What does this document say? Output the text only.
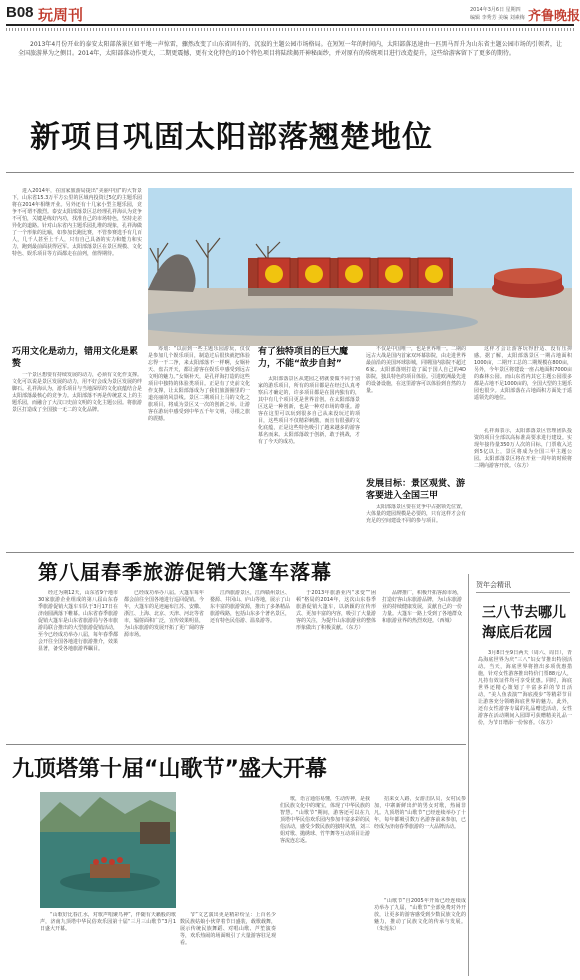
B08 玩周刊	2014年3月6日 星期四
编辑 李秀芳 美编 刘素梅 齐鲁晚报
2013年4月份开业的泰安太阳部落景区如平地一声惊雷，骤然改变了山东省固有的、沉寂的主题公园市场格局。在短短一年的时间内，太阳部落迅速由一匹黑马晋升为山东省主题公园市场的引领者，让全国旅游界为之侧目。2014年，太阳部落动作更大，二期更震撼，更有文化特色的10个特色项目将陆续揭开神秘面纱，并对原有的传统项目进行改造提升，这些给游客留下了更多的期待。
新项目巩固太阳部落翘楚地位
进入2014年，在国家旅游局提出“美丽中国”的大背景下，山东省15.3万平方公里的区域内投资过5亿的主题乐园将在2014年相继开业。另外还有十几家小型主题乐园，竞争不可谓不激烈。泰安太阳部落景区总经理孔祥海认为竞争不可怕，关键是练好内功，找准自己的市场特色，坚持走差异化的道路。针对山东省内主题乐园扎堆的现象，孔祥海做了一个形象的比喻，如参加长跑比赛，不管参赛选手有几百人，几千人甚至上千人，只有自己具备的实力和能力和实力，跑到最前面获得冠军。太阳部落景区在景区规模、文化特色、娱乐项目等方面都走在前列，值得期待。
巧用文化是动力，错用文化是累赘
一个景区想要有持续发展的动力，必须有文化作支撑。文化可以说是景区发展的动力，用不好会成为景区发展的绊脚石。孔祥海认为，游乐项目与当地深厚的文化底蕴结合是太阳部落最核心的竞争力。太阳部落不再是传统意义上的主题乐园，而融合了大汶口史前文明的文化主题公园。将旅游景区打造成了全国独一无二的文化品牌。
筹划：“以前到一些主题乐园游玩，仅仅是参加几个娱乐项目，制造过后很快就把体验忘得一干二净，来太阳部落不一样啊，女娲补天、盘古开天，都让游客在娱乐中感受到远古文明的魅力。”女娲补天，是孔祥海打造的这些项目中独特的体验类项目。正是有了史前文化作支撑，让太阳部落成为了我们旅游圈里的一道亮丽的风景线。景区二期项目上马的文化之旅项目，将成为景区又一次的创新之举。让游客在游玩中感受到中华五千年文明，寻根之旅的震撼。
有了独特项目的巨大魔力，不能“故步自封”
太阳部落景区从建园之初就要做不同于别家的游乐项目，所有的项目都是在经过认真考察后才确定的，许多项目都是在国内独有的，其中有几个项目更是世界首创。在太阳部落景区这是一种创新，也是一种对市场的尊重。游客在这里可以玩到很多自己从来没玩过的项目，这些项目不仅精彩刺激，而且有很强的文化底蕴，正是这些特色吸引了越来越多的游客慕名而来。太阳部落敢于创新，敢于挑战，才有了今天的成功。
不仅是中国唯一，也是世界唯一。二期的远古大战是国内首家双环幕影院，由走进世界最前沿的美国环球影城，同期国内影院不超过6家。太阳部落则打造了属于国人自己的4D影院，独具特色的项目体验。引进欧洲最先进的设备设施，在这里游客可以体验到自然的力量。
发展目标：景区观赏、游客要进入全国三甲
太阳部落景区要在竞争中占据领先位置，大体量的建园规模是必要的，只有这样才会有充足的空间建设不同的参与项目。
这样才会让游客玩得舒适、没有压抑感。据了解，太阳部落景区一期占地面积1000亩，二期开工总的二期规模在800亩，另外，今年景区将建设一座占地面积7000亩的森林公园。而山东省内其它主题公园很多都是占地不足1000亩的，全国大型的主题乐园也很少。太阳部落在占地面积方面处于遥遥领先的地位。
孔祥海表示，太阳部落景区管理团队投资的项目全部以高标准高要求进行建设。实现年接待量350万人次的目标，门票收入达到5亿以上，景区将成为全国三甲主题公园。太阳部落景区将在开业一周年的时候将二期向游客开放。（东方）
第八届春季旅游促销大篷车落幕
经过为期12天，山东省9个地市30家旅游企业组成的第八届山东春季旅游促销大篷车车队于3月17日在济南圆满落下帷幕。山东省春季旅游促销大篷车是山东省旅游局与各市旅游局联合推出的大型旅游促销活动，至今已经成功举办八届，每年春季都会开往全国各地进行旅游推介，效果显著，备受各地旅游界瞩目。
已经成功举办八届。大篷车每年都会前往全国各地进行巡回促销。今年，大篷车的足迹遍布江苏、安徽、浙江、上海、北京、天津、河北等省市，辐射面积广泛，宣传效果明显，为山东旅游的发展开拓了更广阔的客源市场。
江西旅游景区，江西赣州景区、婺源、井冈山、庐山等地，展示了山东丰富的旅游资源，推出了多条精品旅游线路，包括山东多个著名景区，还有特色民俗游、温泉游等。
于2013年旅游业内“求变”“困顿”格局的2014年，这次山东春季旅游促销大篷车，以新颖的宣传形式、更加丰富的内容，吸引了大量游客的关注，为提升山东旅游业的整体形象做出了积极贡献。（东方）
品牌推广，积极开拓客源市场，打造好客山东旅游品牌，为山东旅游业的持续健康发展，贡献自己的一份力量。大篷车一路上受到了各地群众和旅游业界的热烈欢迎。（西城）
九顶塔第十届“山歌节”盛大开幕
“山歌好比春江水，对歌声唱聚鸟神”，伴随有天籁般的歌声，济南九顶塔中华民俗欢乐园第十届“三月三山歌节”3月1日盛大开幕。
节”文艺演出更是精彩纷呈：上百名少数民族姑娘小伙穿着节日盛装，载歌载舞，展示传统民族舞蹈、对唱山歌、芦笙演奏等，欢乐热闹的场面吸引了大量游客驻足观看。
歌，语言通俗易懂，生动传神，是我们民族文化中的瑰宝，体现了中华民族的智慧。“山歌节”期间，游客还可以在九顶塔中华民俗欢乐园内参加丰富多彩的民俗活动，感受少数民族的独特风情，刘三姐对歌、抛绣球、竹竿舞等互动项目让游客流连忘返。
招来女人路，女游击队员，女村民参加，中寨新鲜出炉的男女对歌，热闹非凡。九顶塔的“山歌节”已经连续举办了十年，每年都吸引数万名游客前来参加，已经成为济南春季旅游的一大品牌活动。
“山歌节”自2005年开始已经连续成功举办了九届，“山歌节”全部免费对外开放，让更多的游客感受到少数民族文化的魅力，推动了民族文化的传承与发展。（朱莲东）
贺年会精讯
三八节去哪儿海底后花园
3月8日至9日两天（周六、周日），青岛海底世界为庆“三八”妇女节推出特别活动。当天，海底世界将推出多项优惠措施，针对女性游客推出特价门票88元/人，凡持有效证件均可享受优惠。同时，海底世界还精心策划了丰富多彩的节日活动，“美人鱼表演”“海底漫步”等精彩节目让游客充分领略海底世界的魅力。此外，还有女性游客专属的礼品赠送活动，女性游客在活动期间入园即可获赠精美礼品一份，为节日增添一份惊喜。（东方）
